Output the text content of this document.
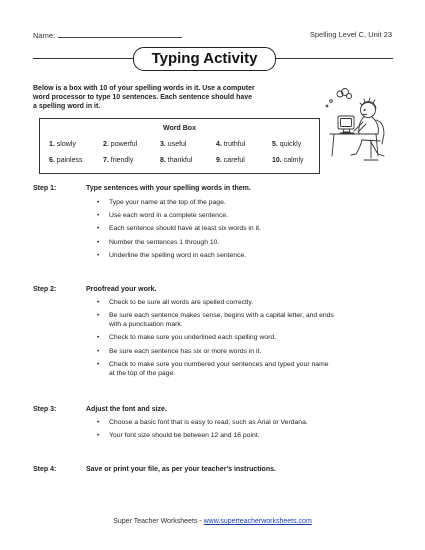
Name:	Spelling Level C, Unit 23
Typing Activity
Below is a box with 10 of your spelling words in it. Use a computer
word processor to type 10 sentences. Each sentence should have
a spelling word in it.
Word Box
1. slowly	2. powerful	3. useful	4. truthful	5. quickly
6. painless	7. friendly	8. thankful	9. careful	10. calmly
Step 1:	Type sentences with your spelling words in them.
• Type your name at the top of the page.
• Use each word in a complete sentence.
• Each sentence should have at least six words in it.
• Number the sentences 1 through 10.
• Underline the spelling word in each sentence.
Step 2:	Proofread your work.
• Check to be sure all words are spelled correctly.
• Be sure each sentence makes sense, begins with a capital letter, and ends
with a punctuation mark.
• Check to make sure you underlined each spelling word.
• Be sure each sentence has six or more words in it.
• Check to make sure you numbered your sentences and typed your name
at the top of the page.
Step 3:	Adjust the font and size.
• Choose a basic font that is easy to read, such as Arial or Verdana.
• Your font size should be between 12 and 16 point.
Step 4:	Save or print your file, as per your teacher's instructions.
Super Teacher Worksheets - www.superteacherworksheets.com
